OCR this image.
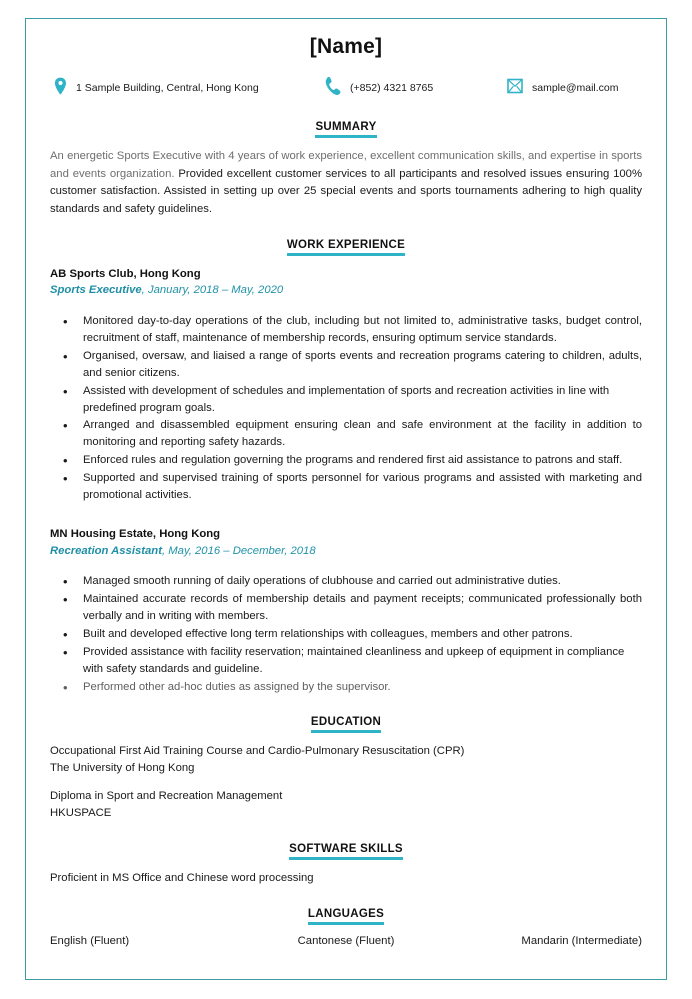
[Name]
1 Sample Building, Central, Hong Kong	(+852) 4321 8765	sample@mail.com
SUMMARY

An energetic Sports Executive with 4 years of work experience, excellent communication skills, and expertise in sports and events organization. Provided excellent customer services to all participants and resolved issues ensuring 100% customer satisfaction. Assisted in setting up over 25 special events and sports tournaments adhering to high quality standards and safety guidelines.

WORK EXPERIENCE
AB Sports Club, Hong Kong
Sports Executive, January, 2018 – May, 2020
• Monitored day-to-day operations of the club, including but not limited to, administrative tasks, budget control, recruitment of staff, maintenance of membership records, ensuring optimum service standards.
• Organised, oversaw, and liaised a range of sports events and recreation programs catering to children, adults, and senior citizens.
• Assisted with development of schedules and implementation of sports and recreation activities in line with predefined program goals.
• Arranged and disassembled equipment ensuring clean and safe environment at the facility in addition to monitoring and reporting safety hazards.
• Enforced rules and regulation governing the programs and rendered first aid assistance to patrons and staff.
• Supported and supervised training of sports personnel for various programs and assisted with marketing and promotional activities.
MN Housing Estate, Hong Kong
Recreation Assistant, May, 2016 – December, 2018
• Managed smooth running of daily operations of clubhouse and carried out administrative duties.
• Maintained accurate records of membership details and payment receipts; communicated professionally both verbally and in writing with members.
• Built and developed effective long term relationships with colleagues, members and other patrons.
• Provided assistance with facility reservation; maintained cleanliness and upkeep of equipment in compliance with safety standards and guideline.
• Performed other ad-hoc duties as assigned by the supervisor.
EDUCATION
Occupational First Aid Training Course and Cardio-Pulmonary Resuscitation (CPR)
The University of Hong Kong
Diploma in Sport and Recreation Management
HKUSPACE
SOFTWARE SKILLS
Proficient in MS Office and Chinese word processing
LANGUAGES
English (Fluent)	Cantonese (Fluent)	Mandarin (Intermediate)
